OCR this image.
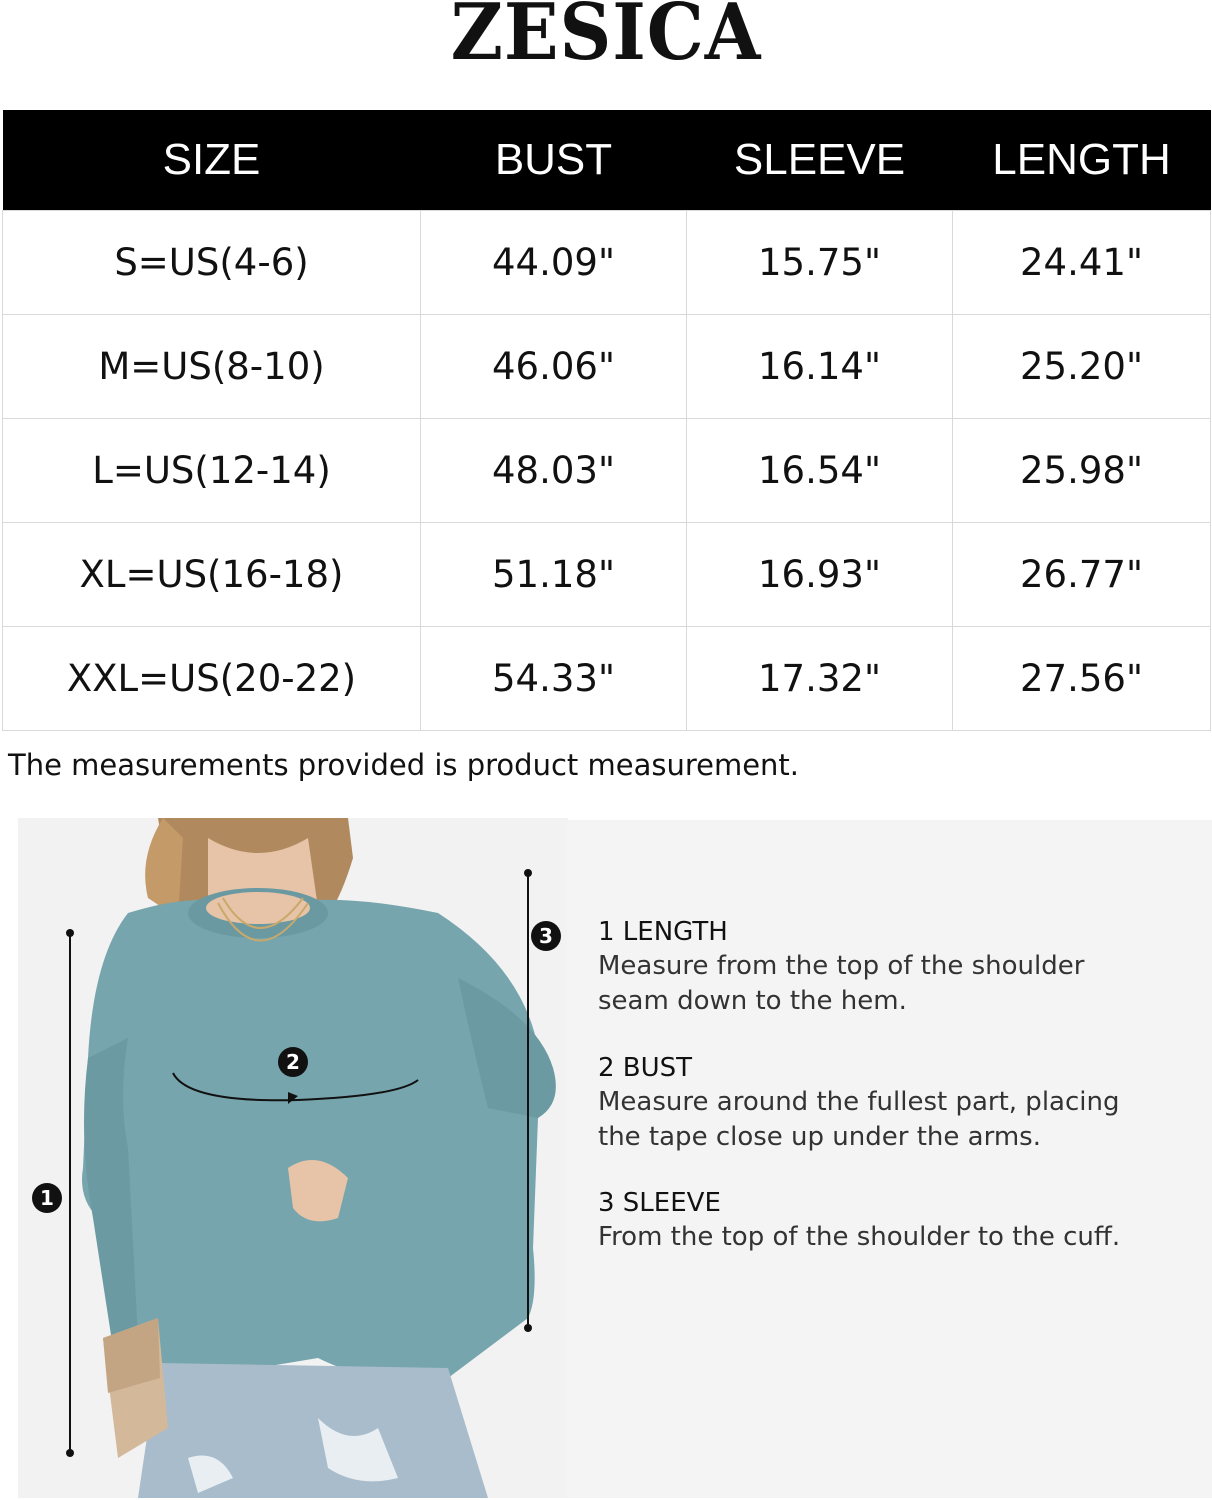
ZESICA
SIZE	BUST	SLEEVE	LENGTH
S=US(4-6)	44.09"	15.75"	24.41"
M=US(8-10)	46.06"	16.14"	25.20"
L=US(12-14)	48.03"	16.54"	25.98"
XL=US(16-18)	51.18"	16.93"	26.77"
XXL=US(20-22)	54.33"	17.32"	27.56"
The measurements provided is product measurement.
1
2
3	1 LENGTH
Measure from the top of the shoulder
seam down to the hem.
2 BUST
Measure around the fullest part, placing
the tape close up under the arms.
3 SLEEVE
From the top of the shoulder to the cuff.
